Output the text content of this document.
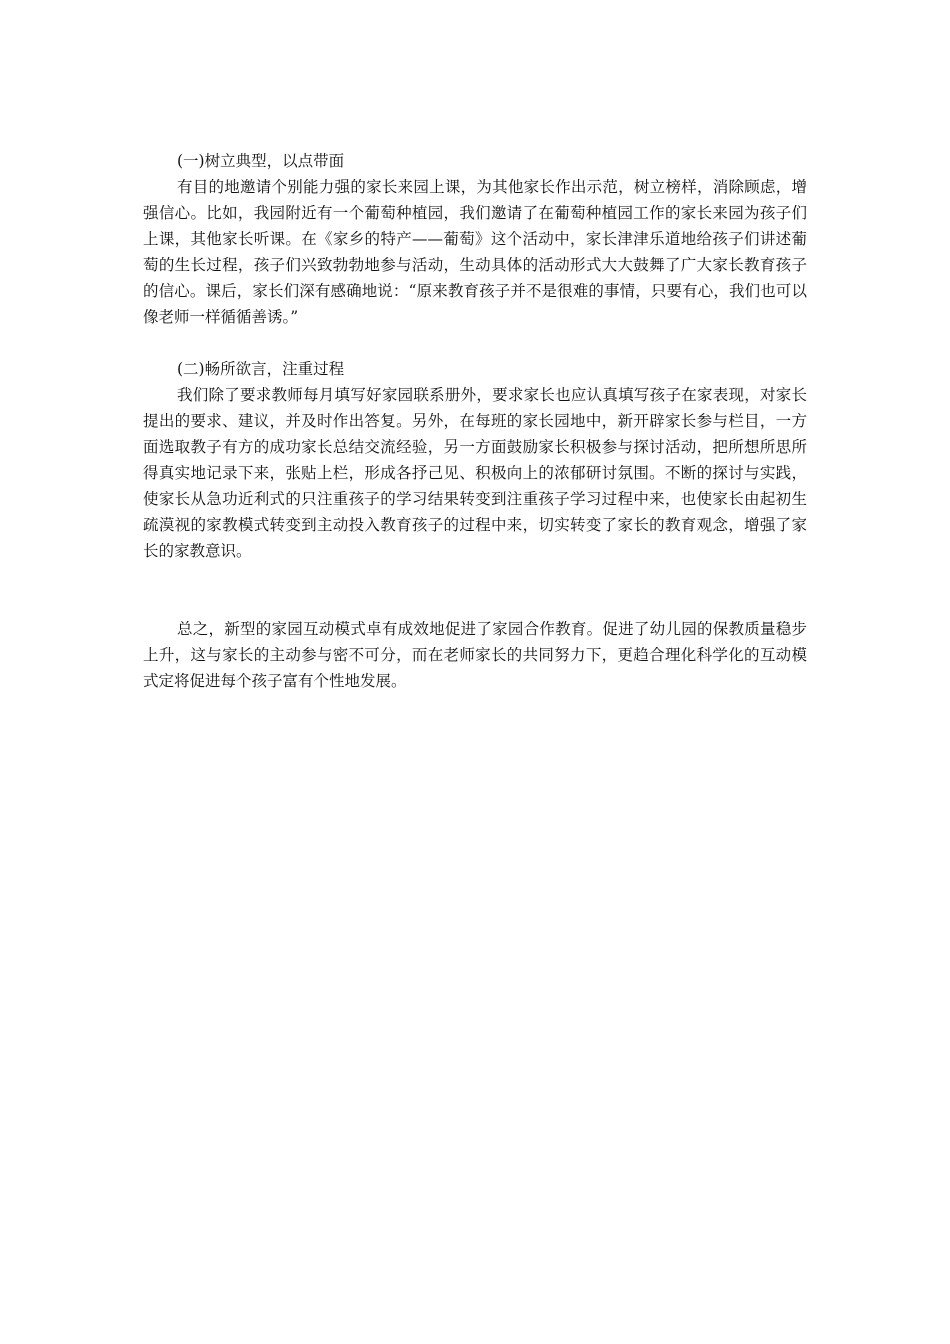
(一)树立典型，以点带面

有目的地邀请个别能力强的家长来园上课，为其他家长作出示范，树立榜样，消除顾虑，增强信心。比如，我园附近有一个葡萄种植园，我们邀请了在葡萄种植园工作的家长来园为孩子们上课，其他家长听课。在《家乡的特产——葡萄》这个活动中，家长津津乐道地给孩子们讲述葡萄的生长过程，孩子们兴致勃勃地参与活动，生动具体的活动形式大大鼓舞了广大家长教育孩子的信心。课后，家长们深有感确地说：“原来教育孩子并不是很难的事情，只要有心，我们也可以像老师一样循循善诱。”

(二)畅所欲言，注重过程

我们除了要求教师每月填写好家园联系册外，要求家长也应认真填写孩子在家表现，对家长提出的要求、建议，并及时作出答复。另外，在每班的家长园地中，新开辟家长参与栏目，一方面选取教子有方的成功家长总结交流经验，另一方面鼓励家长积极参与探讨活动，把所想所思所得真实地记录下来，张贴上栏，形成各抒己见、积极向上的浓郁研讨氛围。不断的探讨与实践，使家长从急功近利式的只注重孩子的学习结果转变到注重孩子学习过程中来，也使家长由起初生疏漠视的家教模式转变到主动投入教育孩子的过程中来，切实转变了家长的教育观念，增强了家长的家教意识。

总之，新型的家园互动模式卓有成效地促进了家园合作教育。促进了幼儿园的保教质量稳步上升，这与家长的主动参与密不可分，而在老师家长的共同努力下，更趋合理化科学化的互动模式定将促进每个孩子富有个性地发展。
